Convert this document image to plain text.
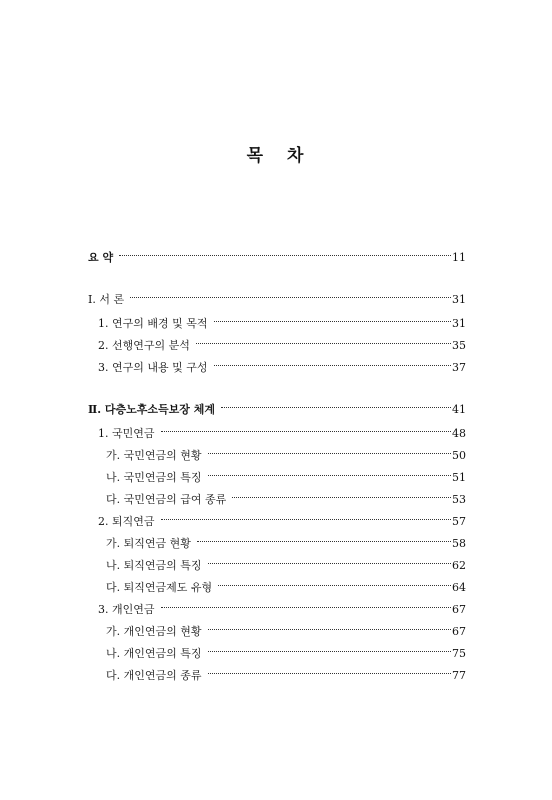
목 차
요 약	11
Ⅰ. 서 론	31
1. 연구의 배경 및 목적	31
2. 선행연구의 분석	35
3. 연구의 내용 및 구성	37
Ⅱ. 다층노후소득보장 체계	41
1. 국민연금	48
가. 국민연금의 현황	50
나. 국민연금의 특징	51
다. 국민연금의 급여 종류	53
2. 퇴직연금	57
가. 퇴직연금 현황	58
나. 퇴직연금의 특징	62
다. 퇴직연금제도 유형	64
3. 개인연금	67
가. 개인연금의 현황	67
나. 개인연금의 특징	75
다. 개인연금의 종류	77
